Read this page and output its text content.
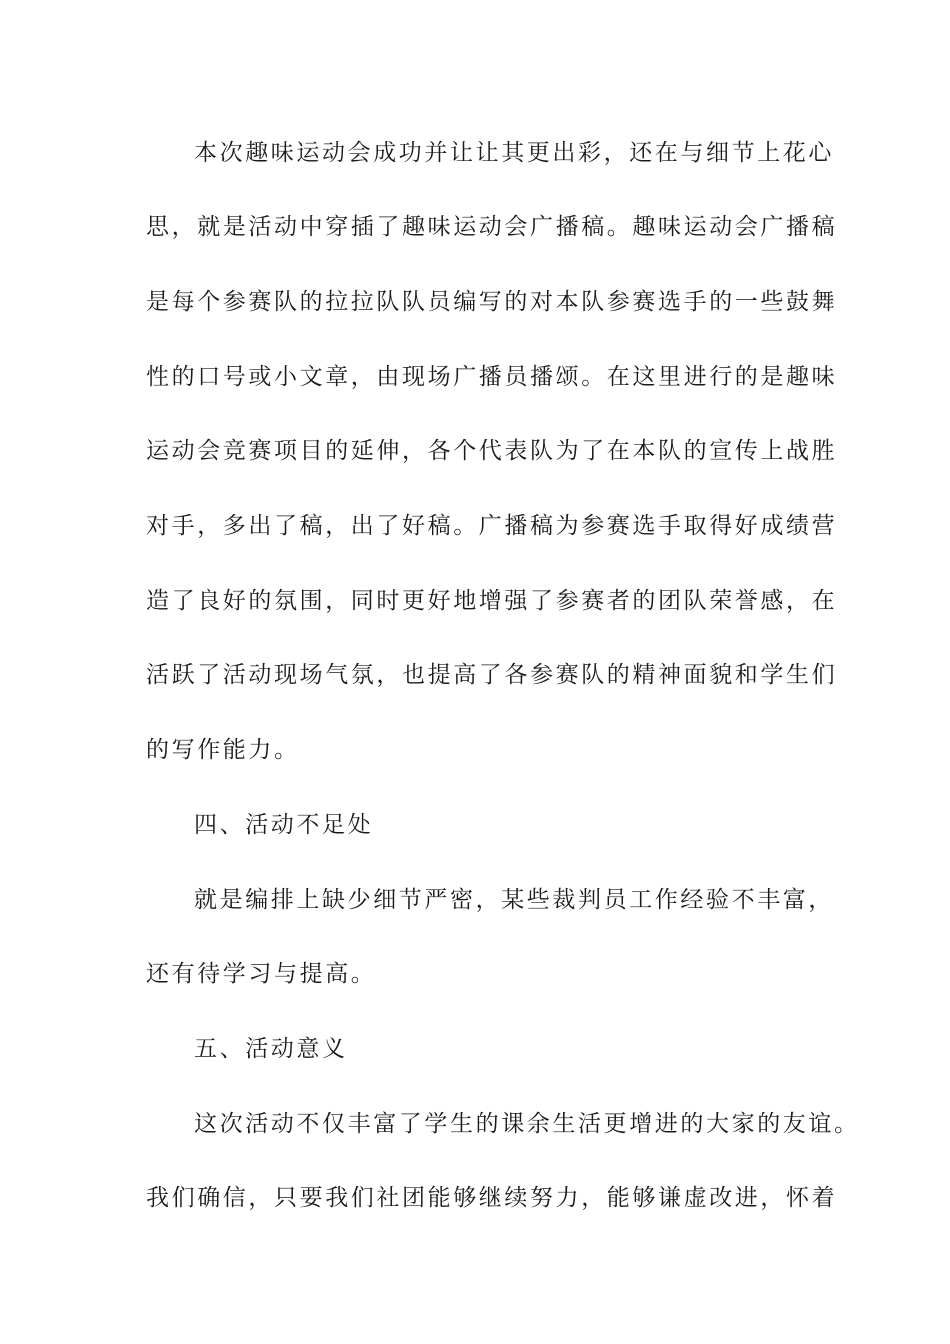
本次趣味运动会成功并让让其更出彩，还在与细节上花心
思，就是活动中穿插了趣味运动会广播稿。趣味运动会广播稿
是每个参赛队的拉拉队队员编写的对本队参赛选手的一些鼓舞
性的口号或小文章，由现场广播员播颂。在这里进行的是趣味
运动会竞赛项目的延伸，各个代表队为了在本队的宣传上战胜
对手，多出了稿，出了好稿。广播稿为参赛选手取得好成绩营
造了良好的氛围，同时更好地增强了参赛者的团队荣誉感，在
活跃了活动现场气氛，也提高了各参赛队的精神面貌和学生们
的写作能力。
四、活动不足处
就是编排上缺少细节严密，某些裁判员工作经验不丰富，
还有待学习与提高。
五、活动意义
这次活动不仅丰富了学生的课余生活更增进的大家的友谊。
我们确信，只要我们社团能够继续努力，能够谦虚改进，怀着
